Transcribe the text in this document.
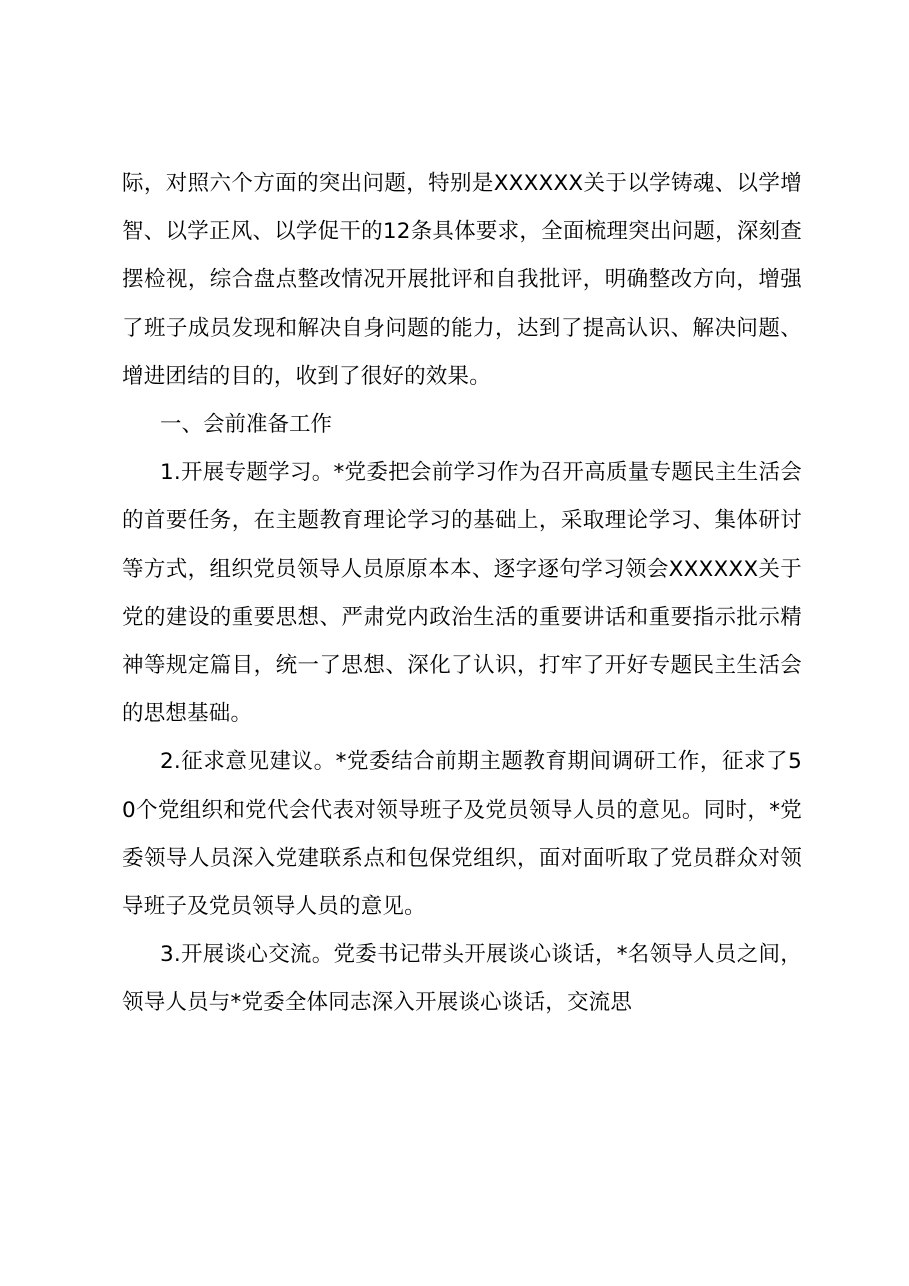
际，对照六个方面的突出问题，特别是XXXXXX关于以学铸魂、以学增智、以学正风、以学促干的12条具体要求，全面梳理突出问题，深刻查摆检视，综合盘点整改情况开展批评和自我批评，明确整改方向，增强了班子成员发现和解决自身问题的能力，达到了提高认识、解决问题、增进团结的目的，收到了很好的效果。

一、会前准备工作

1.开展专题学习。*党委把会前学习作为召开高质量专题民主生活会的首要任务，在主题教育理论学习的基础上，采取理论学习、集体研讨等方式，组织党员领导人员原原本本、逐字逐句学习领会XXXXXX关于党的建设的重要思想、严肃党内政治生活的重要讲话和重要指示批示精神等规定篇目，统一了思想、深化了认识，打牢了开好专题民主生活会的思想基础。

2.征求意见建议。*党委结合前期主题教育期间调研工作，征求了50个党组织和党代会代表对领导班子及党员领导人员的意见。同时，*党委领导人员深入党建联系点和包保党组织，面对面听取了党员群众对领导班子及党员领导人员的意见。

3.开展谈心交流。党委书记带头开展谈心谈话，*名领导人员之间，领导人员与*党委全体同志深入开展谈心谈话，交流思
